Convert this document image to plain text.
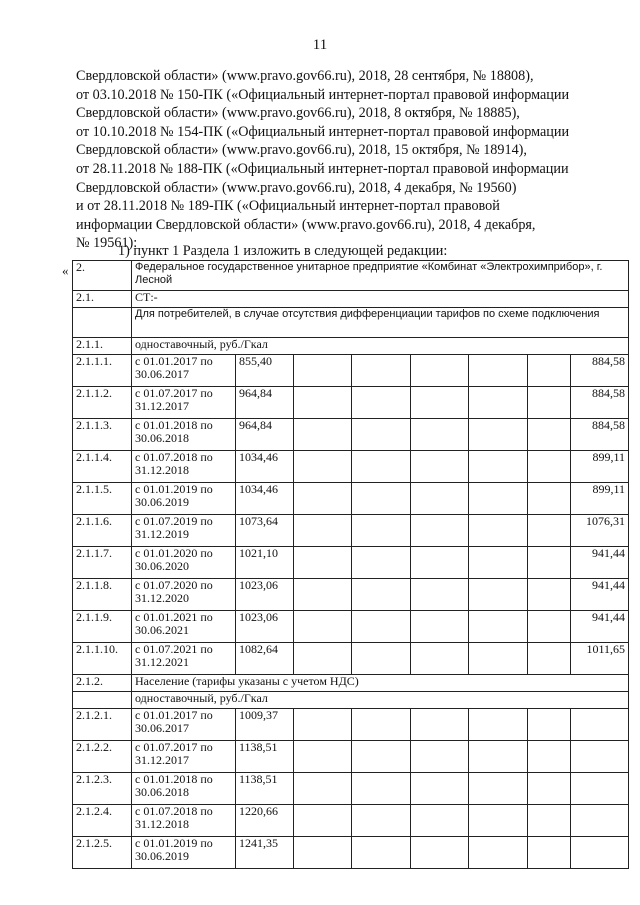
11

Свердловской области» (www.pravo.gov66.ru), 2018, 28 сентября, № 18808),

от 03.10.2018 № 150-ПК («Официальный интернет-портал правовой информации

Свердловской области» (www.pravo.gov66.ru), 2018, 8 октября, № 18885),

от 10.10.2018 № 154-ПК («Официальный интернет-портал правовой информации

Свердловской области» (www.pravo.gov66.ru), 2018, 15 октября, № 18914),

от 28.11.2018 № 188-ПК («Официальный интернет-портал правовой информации

Свердловской области» (www.pravo.gov66.ru), 2018, 4 декабря, № 19560)

и от 28.11.2018 № 189-ПК («Официальный интернет-портал правовой

информации Свердловской области» (www.pravo.gov66.ru), 2018, 4 декабря,

№ 19561):

1) пункт 1 Раздела 1 изложить в следующей редакции:
« 2.	Федеральное государственное унитарное предприятие «Комбинат «Электрохимприбор», г. Лесной							
2.1.	СТ:-							
	Для потребителей, в случае отсутствия дифференциации тарифов по схеме подключения							
2.1.1.	одноставочный, руб./Гкал							
2.1.1.1.	с 01.01.2017 по 30.06.2017	855,40						884,58
2.1.1.2.	с 01.07.2017 по 31.12.2017	964,84						884,58
2.1.1.3.	с 01.01.2018 по 30.06.2018	964,84						884,58
2.1.1.4.	с 01.07.2018 по 31.12.2018	1034,46						899,11
2.1.1.5.	с 01.01.2019 по 30.06.2019	1034,46						899,11
2.1.1.6.	с 01.07.2019 по 31.12.2019	1073,64						1076,31
2.1.1.7.	с 01.01.2020 по 30.06.2020	1021,10						941,44
2.1.1.8.	с 01.07.2020 по 31.12.2020	1023,06						941,44
2.1.1.9.	с 01.01.2021 по 30.06.2021	1023,06						941,44
2.1.1.10.	с 01.07.2021 по 31.12.2021	1082,64						1011,65
2.1.2.	Население (тарифы указаны с учетом НДС)							
	одноставочный, руб./Гкал							
2.1.2.1.	с 01.01.2017 по 30.06.2017	1009,37						
2.1.2.2.	с 01.07.2017 по 31.12.2017	1138,51						
2.1.2.3.	с 01.01.2018 по 30.06.2018	1138,51						
2.1.2.4.	с 01.07.2018 по 31.12.2018	1220,66						
2.1.2.5.	с 01.01.2019 по 30.06.2019	1241,35						
